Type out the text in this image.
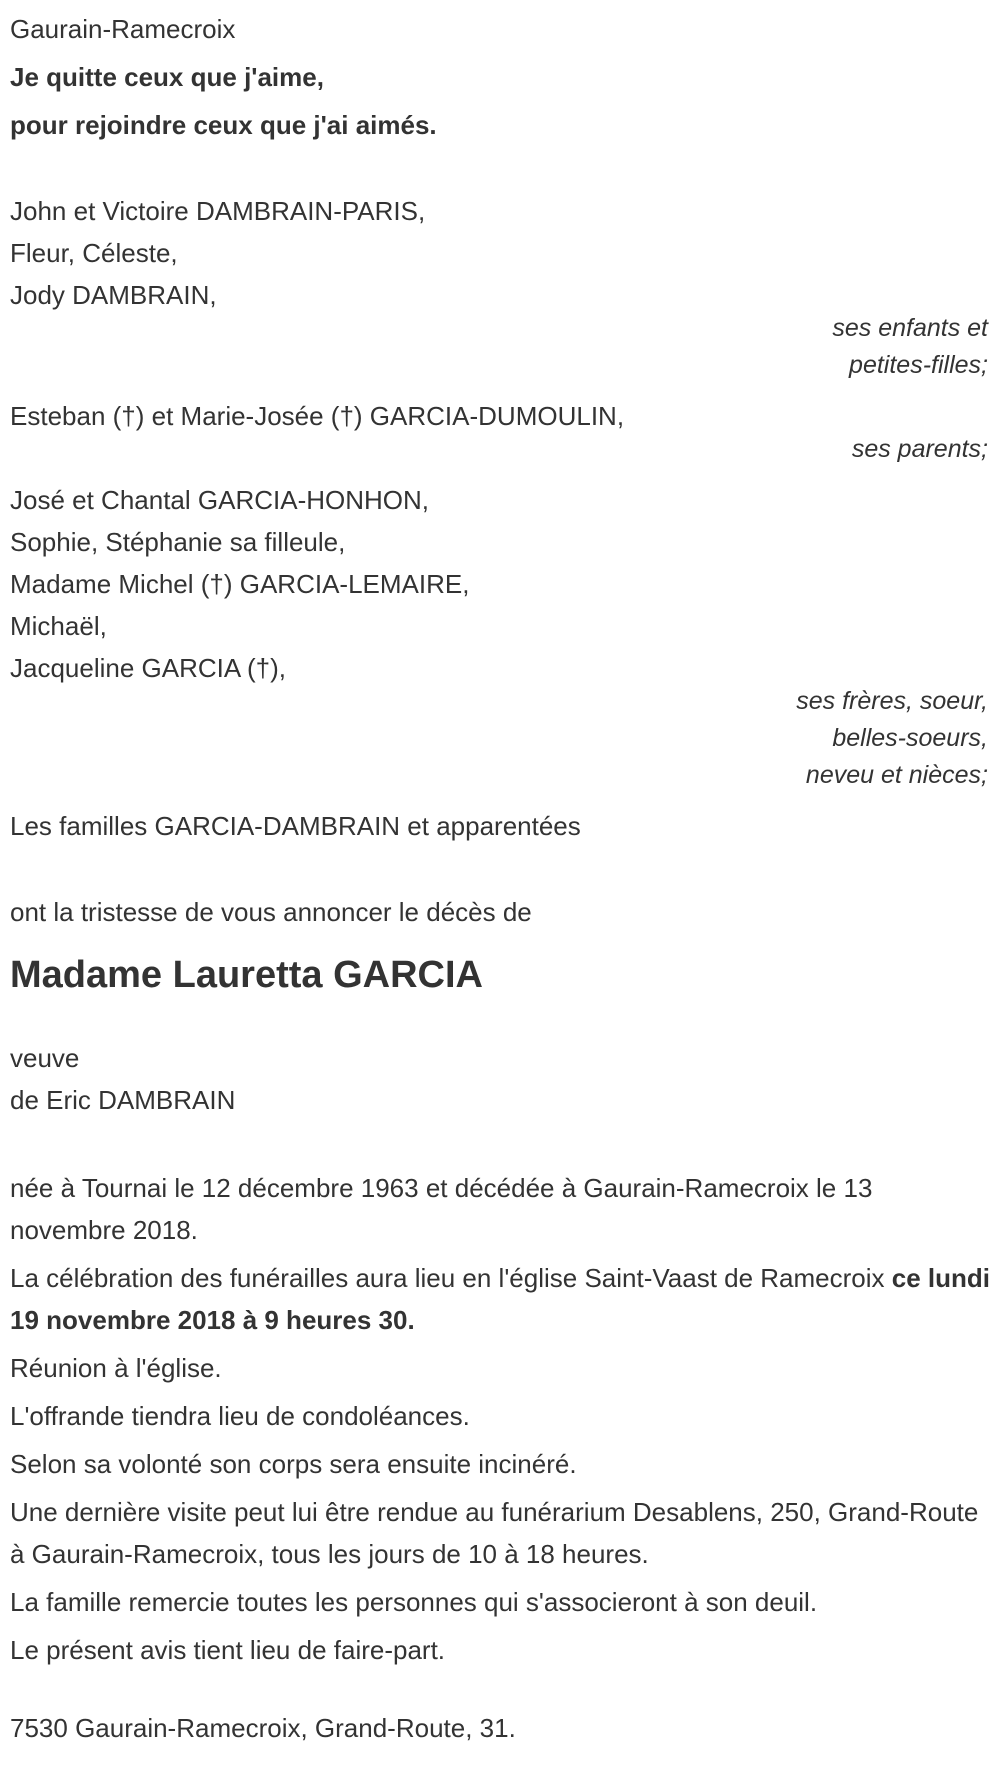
Gaurain-Ramecroix

Je quitte ceux que j'aime,

pour rejoindre ceux que j'ai aimés.

John et Victoire DAMBRAIN-PARIS,
Fleur, Céleste,
Jody DAMBRAIN,
ses enfants et
petites-filles;
Esteban (†) et Marie-Josée (†) GARCIA-DUMOULIN,
ses parents;
José et Chantal GARCIA-HONHON,
Sophie, Stéphanie sa filleule,
Madame Michel (†) GARCIA-LEMAIRE,
Michaël,
Jacqueline GARCIA (†),
ses frères, soeur,
belles-soeurs,
neveu et nièces;

Les familles GARCIA-DAMBRAIN et apparentées

ont la tristesse de vous annoncer le décès de

Madame Lauretta GARCIA
veuve
de Eric DAMBRAIN

née à Tournai le 12 décembre 1963 et décédée à Gaurain-Ramecroix le 13 novembre 2018.

La célébration des funérailles aura lieu en l'église Saint-Vaast de Ramecroix ce lundi 19 novembre 2018 à 9 heures 30.

Réunion à l'église.

L'offrande tiendra lieu de condoléances.

Selon sa volonté son corps sera ensuite incinéré.

Une dernière visite peut lui être rendue au funérarium Desablens, 250, Grand-Route à Gaurain-Ramecroix, tous les jours de 10 à 18 heures.

La famille remercie toutes les personnes qui s'associeront à son deuil.

Le présent avis tient lieu de faire-part.

7530 Gaurain-Ramecroix, Grand-Route, 31.
